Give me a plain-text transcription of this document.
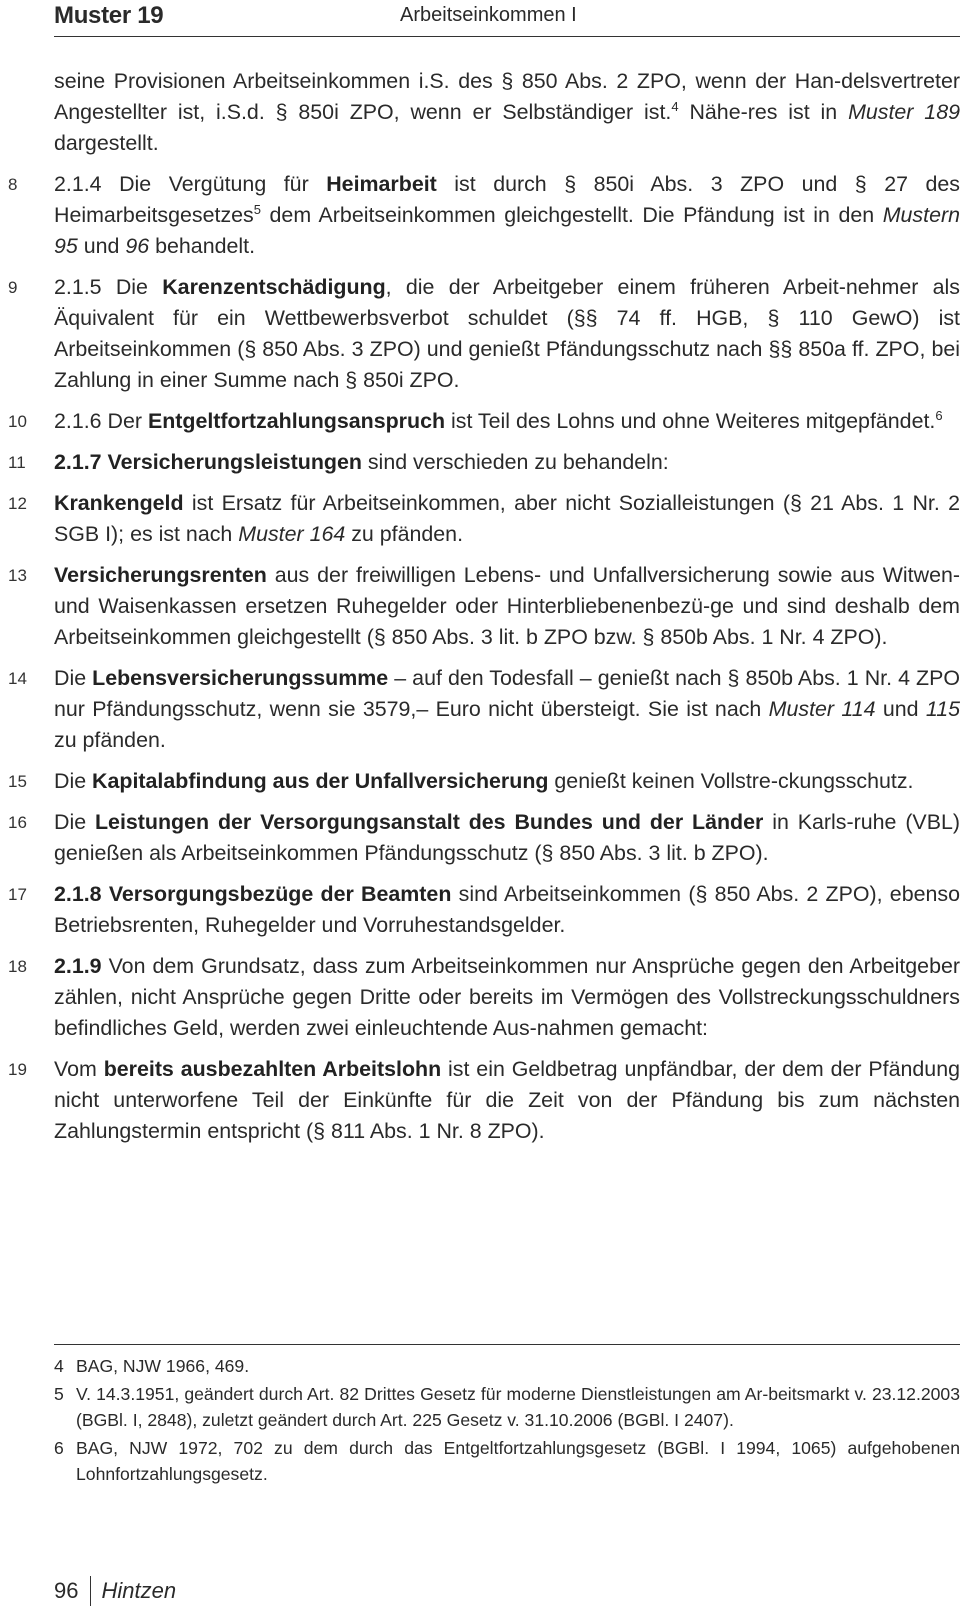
Muster 19	Arbeitseinkommen I

seine Provisionen Arbeitseinkommen i.S. des § 850 Abs. 2 ZPO, wenn der Han-delsvertreter Angestellter ist, i.S.d. § 850i ZPO, wenn er Selbständiger ist.$^4$ Nähe-res ist in Muster 189 dargestellt.

8	2.1.4 Die Vergütung für Heimarbeit ist durch § 850i Abs. 3 ZPO und § 27 des Heimarbeitsgesetzes$^5$ dem Arbeitseinkommen gleichgestellt. Die Pfändung ist in den Mustern 95 und 96 behandelt.

9	2.1.5 Die Karenzentschädigung, die der Arbeitgeber einem früheren Arbeit-nehmer als Äquivalent für ein Wettbewerbsverbot schuldet (§§ 74 ff. HGB, § 110 GewO) ist Arbeitseinkommen (§ 850 Abs. 3 ZPO) und genießt Pfändungsschutz nach §§ 850a ff. ZPO, bei Zahlung in einer Summe nach § 850i ZPO.

10	2.1.6 Der Entgeltfortzahlungsanspruch ist Teil des Lohns und ohne Weiteres mitgepfändet.$^6$

11	2.1.7 Versicherungsleistungen sind verschieden zu behandeln:

12	Krankengeld ist Ersatz für Arbeitseinkommen, aber nicht Sozialleistungen (§ 21 Abs. 1 Nr. 2 SGB I); es ist nach Muster 164 zu pfänden.

13	Versicherungsrenten aus der freiwilligen Lebens- und Unfallversicherung sowie aus Witwen- und Waisenkassen ersetzen Ruhegelder oder Hinterbliebenenbezü-ge und sind deshalb dem Arbeitseinkommen gleichgestellt (§ 850 Abs. 3 lit. b ZPO bzw. § 850b Abs. 1 Nr. 4 ZPO).

14	Die Lebensversicherungssumme – auf den Todesfall – genießt nach § 850b Abs. 1 Nr. 4 ZPO nur Pfändungsschutz, wenn sie 3579,– Euro nicht übersteigt. Sie ist nach Muster 114 und 115 zu pfänden.

15	Die Kapitalabfindung aus der Unfallversicherung genießt keinen Vollstre-ckungsschutz.

16	Die Leistungen der Versorgungsanstalt des Bundes und der Länder in Karls-ruhe (VBL) genießen als Arbeitseinkommen Pfändungsschutz (§ 850 Abs. 3 lit. b ZPO).

17	2.1.8 Versorgungsbezüge der Beamten sind Arbeitseinkommen (§ 850 Abs. 2 ZPO), ebenso Betriebsrenten, Ruhegelder und Vorruhestandsgelder.

18	2.1.9 Von dem Grundsatz, dass zum Arbeitseinkommen nur Ansprüche gegen den Arbeitgeber zählen, nicht Ansprüche gegen Dritte oder bereits im Vermögen des Vollstreckungsschuldners befindliches Geld, werden zwei einleuchtende Aus-nahmen gemacht:

19	Vom bereits ausbezahlten Arbeitslohn ist ein Geldbetrag unpfändbar, der dem der Pfändung nicht unterworfene Teil der Einkünfte für die Zeit von der Pfändung bis zum nächsten Zahlungstermin entspricht (§ 811 Abs. 1 Nr. 8 ZPO).

4 BAG, NJW 1966, 469.
5 V. 14.3.1951, geändert durch Art. 82 Drittes Gesetz für moderne Dienstleistungen am Ar-beitsmarkt v. 23.12.2003 (BGBl. I, 2848), zuletzt geändert durch Art. 225 Gesetz v. 31.10.2006 (BGBl. I 2407).
6 BAG, NJW 1972, 702 zu dem durch das Entgeltfortzahlungsgesetz (BGBl. I 1994, 1065) aufgehobenen Lohnfortzahlungsgesetz.
96 Hintzen
